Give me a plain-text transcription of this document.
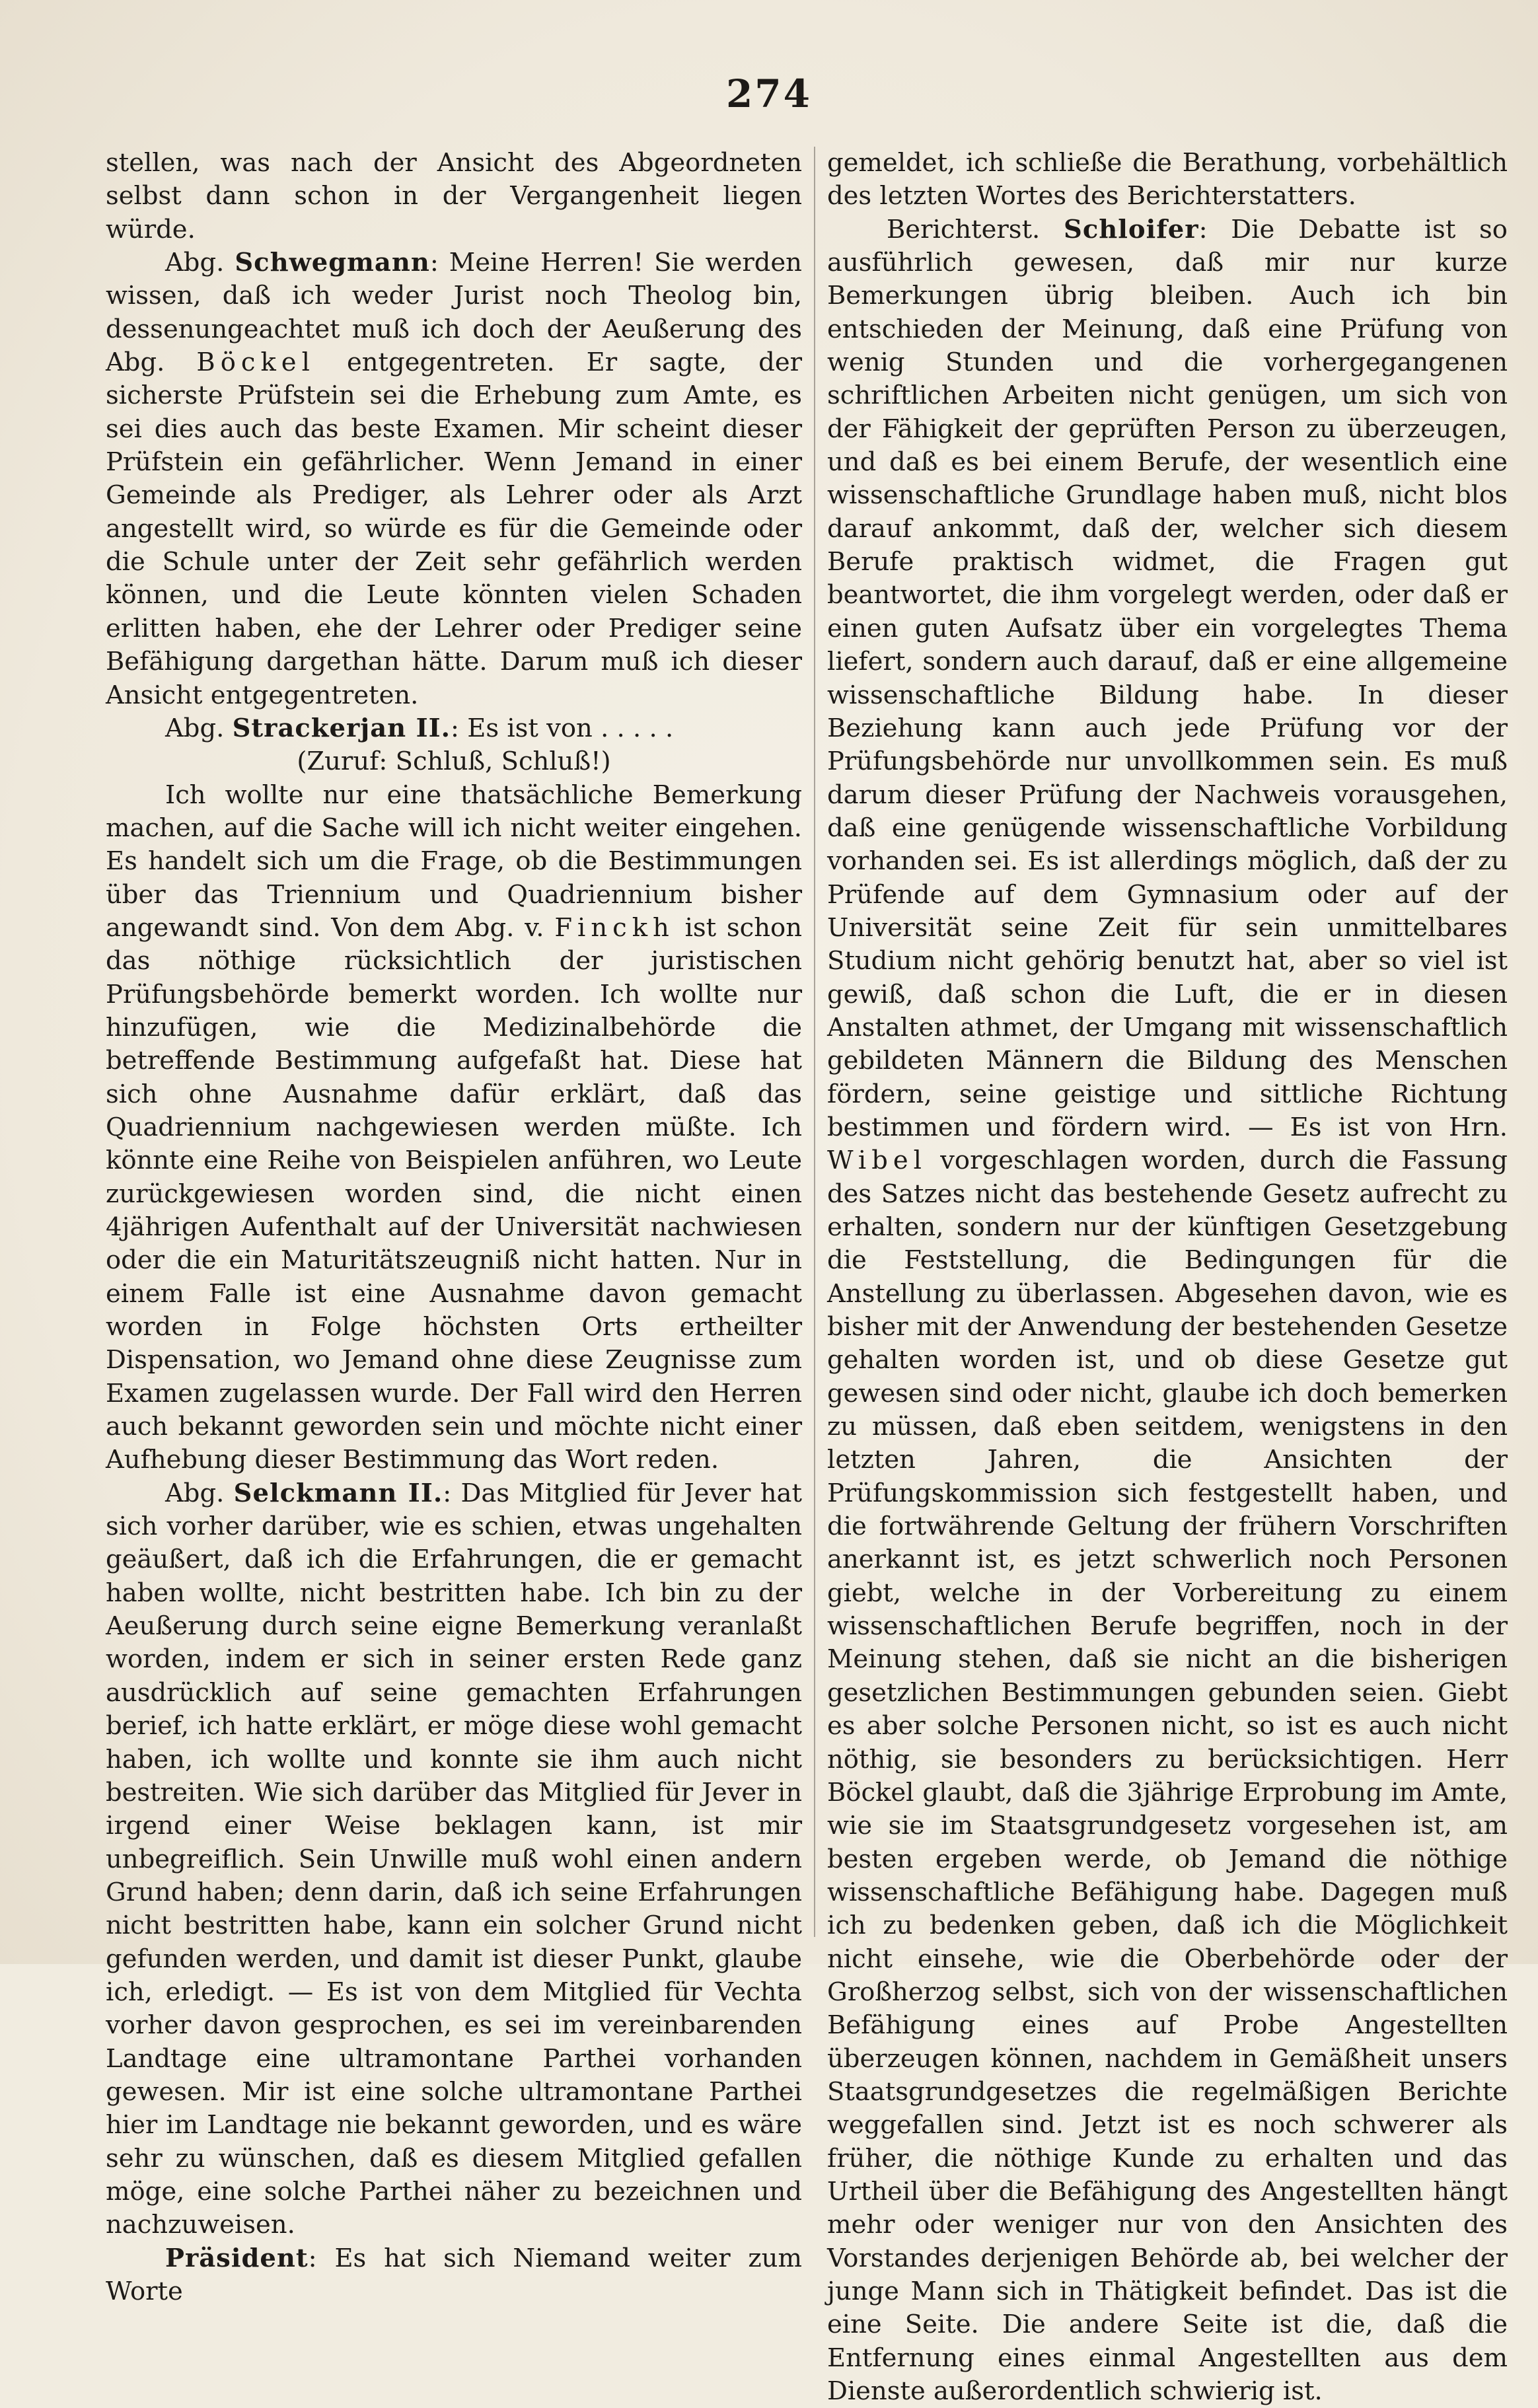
274

stellen, was nach der Ansicht des Abgeordneten selbst dann schon in der Vergangenheit liegen würde.

Abg. Schwegmann: Meine Herren! Sie werden wissen, daß ich weder Jurist noch Theolog bin, dessenungeachtet muß ich doch der Aeußerung des Abg. Böckel entgegentreten. Er sagte, der sicherste Prüfstein sei die Erhebung zum Amte, es sei dies auch das beste Examen. Mir scheint dieser Prüfstein ein gefährlicher. Wenn Jemand in einer Gemeinde als Prediger, als Lehrer oder als Arzt angestellt wird, so würde es für die Gemeinde oder die Schule unter der Zeit sehr gefährlich werden können, und die Leute könnten vielen Schaden erlitten haben, ehe der Lehrer oder Prediger seine Befähigung dargethan hätte. Darum muß ich dieser Ansicht entgegentreten.

Abg. Strackerjan II.: Es ist von . . . . .

(Zuruf: Schluß, Schluß!)

Ich wollte nur eine thatsächliche Bemerkung machen, auf die Sache will ich nicht weiter eingehen. Es handelt sich um die Frage, ob die Bestimmungen über das Triennium und Quadriennium bisher angewandt sind. Von dem Abg. v. Finckh ist schon das nöthige rücksichtlich der juristischen Prüfungsbehörde bemerkt worden. Ich wollte nur hinzufügen, wie die Medizinalbehörde die betreffende Bestimmung aufgefaßt hat. Diese hat sich ohne Ausnahme dafür erklärt, daß das Quadriennium nachgewiesen werden müßte. Ich könnte eine Reihe von Beispielen anführen, wo Leute zurückgewiesen worden sind, die nicht einen 4jährigen Aufenthalt auf der Universität nachwiesen oder die ein Maturitätszeugniß nicht hatten. Nur in einem Falle ist eine Ausnahme davon gemacht worden in Folge höchsten Orts ertheilter Dispensation, wo Jemand ohne diese Zeugnisse zum Examen zugelassen wurde. Der Fall wird den Herren auch bekannt geworden sein und möchte nicht einer Aufhebung dieser Bestimmung das Wort reden.

Abg. Selckmann II.: Das Mitglied für Jever hat sich vorher darüber, wie es schien, etwas ungehalten geäußert, daß ich die Erfahrungen, die er gemacht haben wollte, nicht bestritten habe. Ich bin zu der Aeußerung durch seine eigne Bemerkung veranlaßt worden, indem er sich in seiner ersten Rede ganz ausdrücklich auf seine gemachten Erfahrungen berief, ich hatte erklärt, er möge diese wohl gemacht haben, ich wollte und konnte sie ihm auch nicht bestreiten. Wie sich darüber das Mitglied für Jever in irgend einer Weise beklagen kann, ist mir unbegreiflich. Sein Unwille muß wohl einen andern Grund haben; denn darin, daß ich seine Erfahrungen nicht bestritten habe, kann ein solcher Grund nicht gefunden werden, und damit ist dieser Punkt, glaube ich, erledigt. — Es ist von dem Mitglied für Vechta vorher davon gesprochen, es sei im vereinbarenden Landtage eine ultramontane Parthei vorhanden gewesen. Mir ist eine solche ultramontane Parthei hier im Landtage nie bekannt geworden, und es wäre sehr zu wünschen, daß es diesem Mitglied gefallen möge, eine solche Parthei näher zu bezeichnen und nachzuweisen.

Präsident: Es hat sich Niemand weiter zum Worte

gemeldet, ich schließe die Berathung, vorbehältlich des letzten Wortes des Berichterstatters.

Berichterst. Schloifer: Die Debatte ist so ausführlich gewesen, daß mir nur kurze Bemerkungen übrig bleiben. Auch ich bin entschieden der Meinung, daß eine Prüfung von wenig Stunden und die vorhergegangenen schriftlichen Arbeiten nicht genügen, um sich von der Fähigkeit der geprüften Person zu überzeugen, und daß es bei einem Berufe, der wesentlich eine wissenschaftliche Grundlage haben muß, nicht blos darauf ankommt, daß der, welcher sich diesem Berufe praktisch widmet, die Fragen gut beantwortet, die ihm vorgelegt werden, oder daß er einen guten Aufsatz über ein vorgelegtes Thema liefert, sondern auch darauf, daß er eine allgemeine wissenschaftliche Bildung habe. In dieser Beziehung kann auch jede Prüfung vor der Prüfungsbehörde nur unvollkommen sein. Es muß darum dieser Prüfung der Nachweis vorausgehen, daß eine genügende wissenschaftliche Vorbildung vorhanden sei. Es ist allerdings möglich, daß der zu Prüfende auf dem Gymnasium oder auf der Universität seine Zeit für sein unmittelbares Studium nicht gehörig benutzt hat, aber so viel ist gewiß, daß schon die Luft, die er in diesen Anstalten athmet, der Umgang mit wissenschaftlich gebildeten Männern die Bildung des Menschen fördern, seine geistige und sittliche Richtung bestimmen und fördern wird. — Es ist von Hrn. Wibel vorgeschlagen worden, durch die Fassung des Satzes nicht das bestehende Gesetz aufrecht zu erhalten, sondern nur der künftigen Gesetzgebung die Feststellung, die Bedingungen für die Anstellung zu überlassen. Abgesehen davon, wie es bisher mit der Anwendung der bestehenden Gesetze gehalten worden ist, und ob diese Gesetze gut gewesen sind oder nicht, glaube ich doch bemerken zu müssen, daß eben seitdem, wenigstens in den letzten Jahren, die Ansichten der Prüfungskommission sich festgestellt haben, und die fortwährende Geltung der frühern Vorschriften anerkannt ist, es jetzt schwerlich noch Personen giebt, welche in der Vorbereitung zu einem wissenschaftlichen Berufe begriffen, noch in der Meinung stehen, daß sie nicht an die bisherigen gesetzlichen Bestimmungen gebunden seien. Giebt es aber solche Personen nicht, so ist es auch nicht nöthig, sie besonders zu berücksichtigen. Herr Böckel glaubt, daß die 3jährige Erprobung im Amte, wie sie im Staatsgrundgesetz vorgesehen ist, am besten ergeben werde, ob Jemand die nöthige wissenschaftliche Befähigung habe. Dagegen muß ich zu bedenken geben, daß ich die Möglichkeit nicht einsehe, wie die Oberbehörde oder der Großherzog selbst, sich von der wissenschaftlichen Befähigung eines auf Probe Angestellten überzeugen können, nachdem in Gemäßheit unsers Staatsgrundgesetzes die regelmäßigen Berichte weggefallen sind. Jetzt ist es noch schwerer als früher, die nöthige Kunde zu erhalten und das Urtheil über die Befähigung des Angestellten hängt mehr oder weniger nur von den Ansichten des Vorstandes derjenigen Behörde ab, bei welcher der junge Mann sich in Thätigkeit befindet. Das ist die eine Seite. Die andere Seite ist die, daß die Entfernung eines einmal Angestellten aus dem Dienste außerordentlich schwierig ist.
